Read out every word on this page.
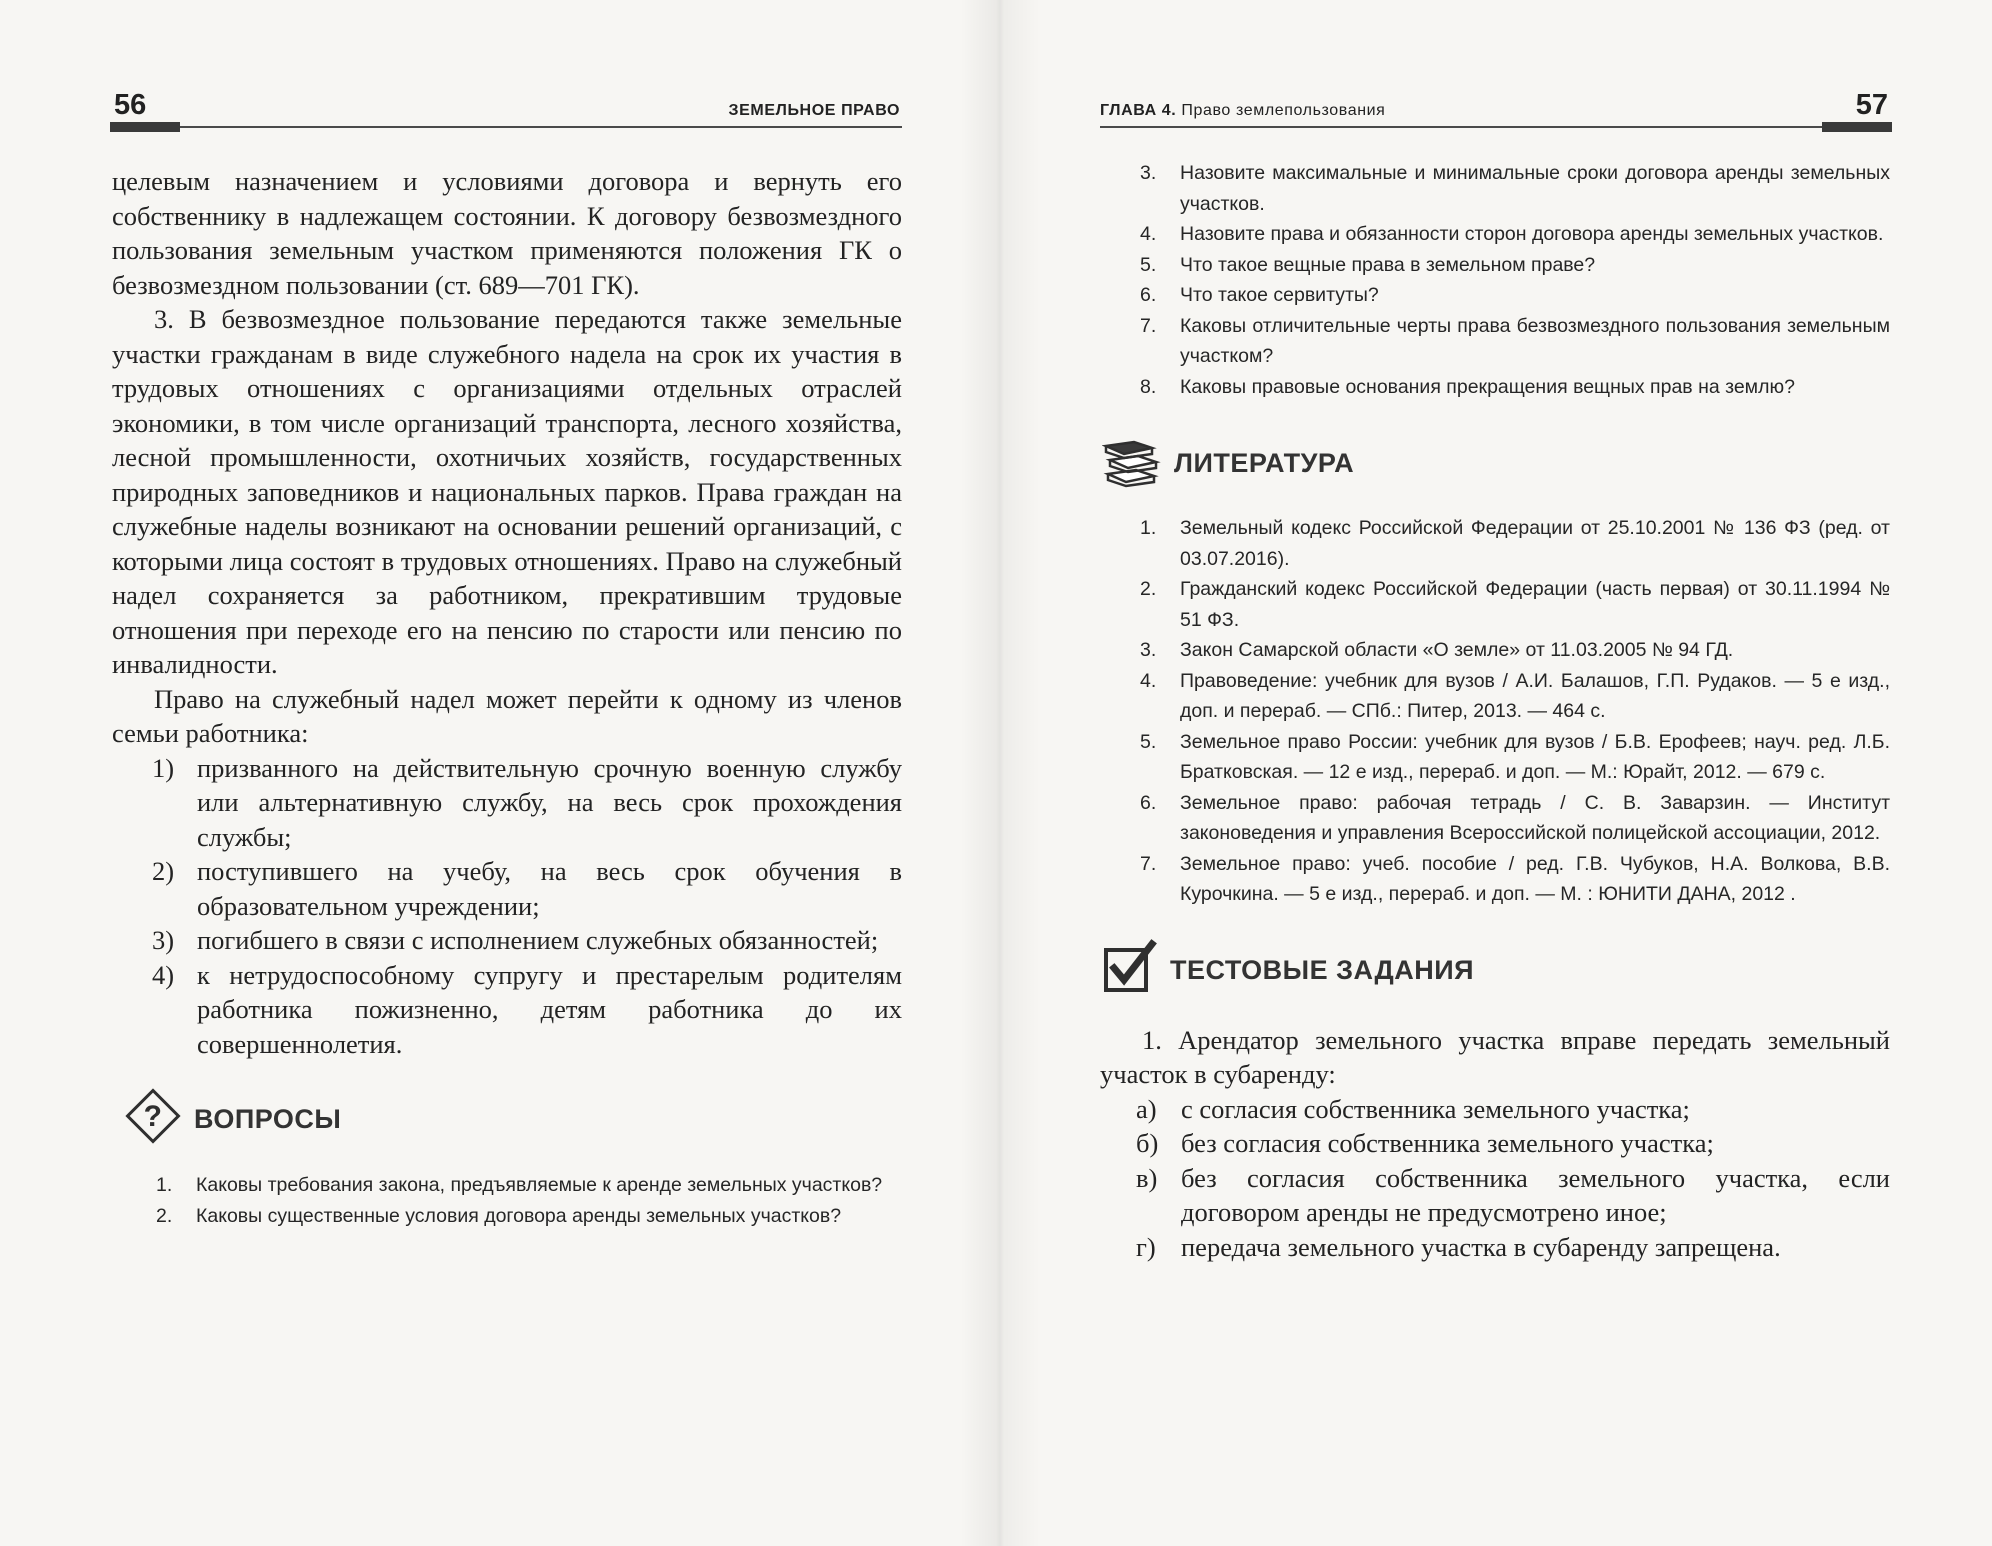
56	ЗЕМЕЛЬНОЕ ПРАВО

целевым назначением и условиями договора и вернуть его собственнику в надлежащем состоянии. К договору безвозмездного пользования земельным участком применяются положения ГК о безвозмездном пользовании (ст. 689—701 ГК).

3. В безвозмездное пользование передаются также земельные участки гражданам в виде служебного надела на срок их участия в трудовых отношениях с организациями отдельных отраслей экономики, в том числе организаций транспорта, лесного хозяйства, лесной промышленности, охотничьих хозяйств, государственных природных заповедников и национальных парков. Права граждан на служебные наделы возникают на основании решений организаций, с которыми лица состоят в трудовых отношениях. Право на служебный надел сохраняется за работником, прекратившим трудовые отношения при переходе его на пенсию по старости или пенсию по инвалидности.

Право на служебный надел может перейти к одному из членов семьи работника:

1) призванного на действительную срочную военную службу или альтернативную службу, на весь срок прохождения службы;
2) поступившего на учебу, на весь срок обучения в образовательном учреждении;
3) погибшего в связи с исполнением служебных обязанностей;
4) к нетрудоспособному супругу и престарелым родителям работника пожизненно, детям работника до их совершеннолетия.
? ВОПРОСЫ
1. Каковы требования закона, предъявляемые к аренде земельных участков?
2. Каковы существенные условия договора аренды земельных участков?
ГЛАВА 4. Право землепользования	57
3. Назовите максимальные и минимальные сроки договора аренды земельных участков.
4. Назовите права и обязанности сторон договора аренды земельных участков.
5. Что такое вещные права в земельном праве?
6. Что такое сервитуты?
7. Каковы отличительные черты права безвозмездного пользования земельным участком?
8. Каковы правовые основания прекращения вещных прав на землю?
ЛИТЕРАТУРА
1. Земельный кодекс Российской Федерации от 25.10.2001 № 136 ФЗ (ред. от 03.07.2016).
2. Гражданский кодекс Российской Федерации (часть первая) от 30.11.1994 № 51 ФЗ.
3. Закон Самарской области «О земле» от 11.03.2005 № 94 ГД.
4. Правоведение: учебник для вузов / А.И. Балашов, Г.П. Рудаков. — 5 е изд., доп. и перераб. — СПб.: Питер, 2013. — 464 с.
5. Земельное право России: учебник для вузов / Б.В. Ерофеев; науч. ред. Л.Б. Братковская. — 12 е изд., перераб. и доп. — М.: Юрайт, 2012. — 679 с.
6. Земельное право: рабочая тетрадь / С. В. Заварзин. — Институт законоведения и управления Всероссийской полицейской ассоциации, 2012.
7. Земельное право: учеб. пособие / ред. Г.В. Чубуков, Н.А. Волкова, В.В. Курочкина. — 5 е изд., перераб. и доп. — М. : ЮНИТИ ДАНА, 2012 .
ТЕСТОВЫЕ ЗАДАНИЯ

1. Арендатор земельного участка вправе передать земельный участок в субаренду:

а) с согласия собственника земельного участка;
б) без согласия собственника земельного участка;
в) без согласия собственника земельного участка, если договором аренды не предусмотрено иное;
г) передача земельного участка в субаренду запрещена.
